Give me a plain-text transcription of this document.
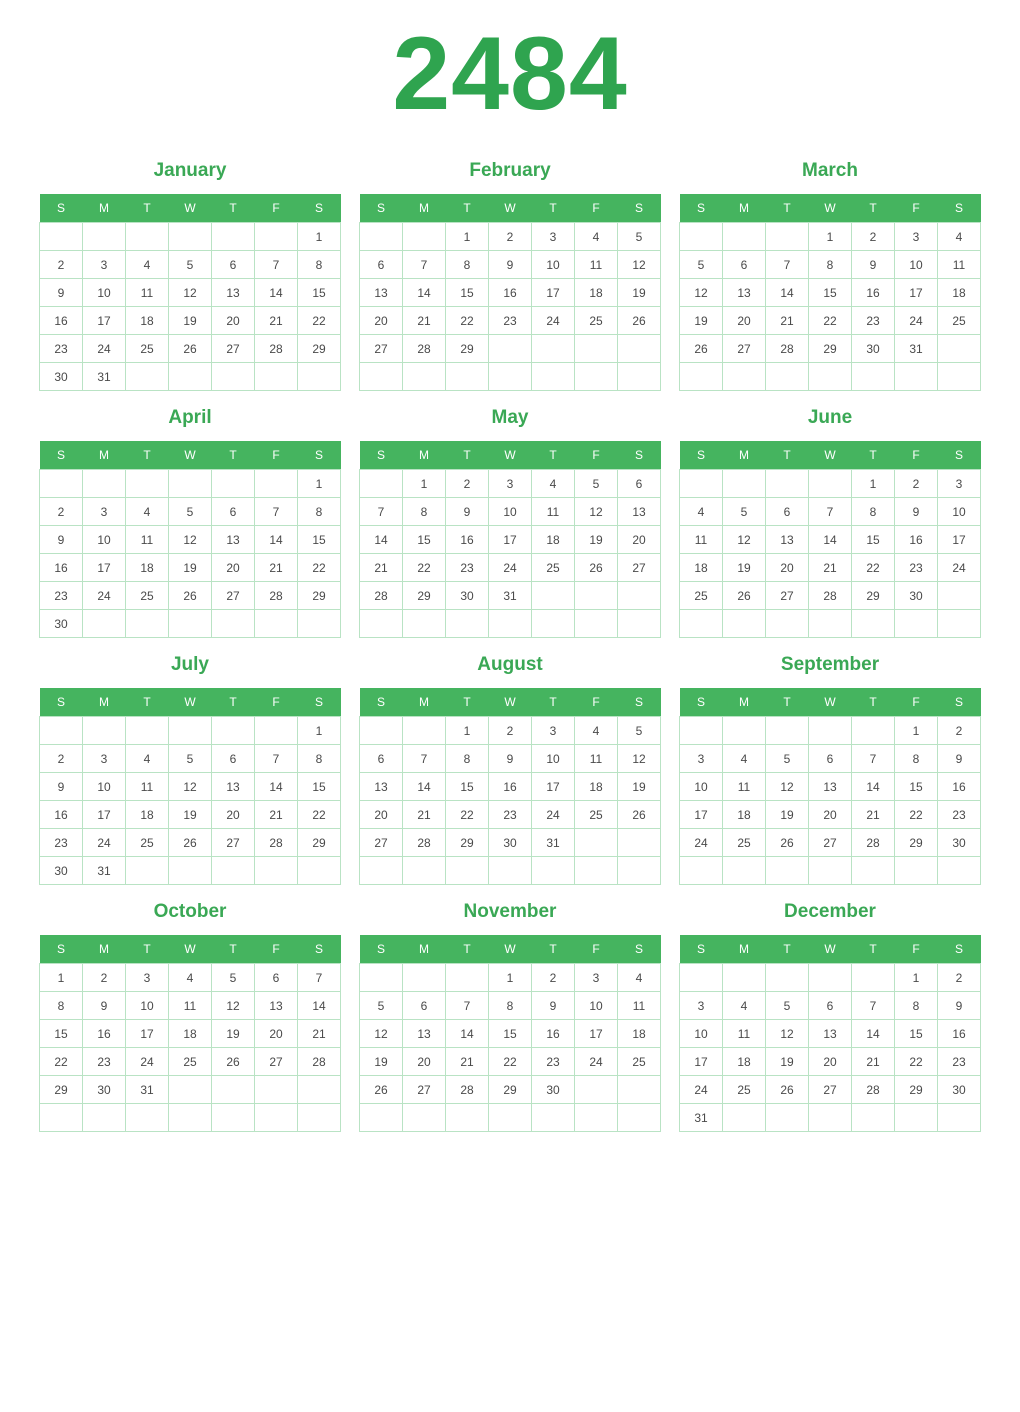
2484
January
S	M	T	W	T	F	S
						1
2	3	4	5	6	7	8
9	10	11	12	13	14	15
16	17	18	19	20	21	22
23	24	25	26	27	28	29
30	31					
February
S	M	T	W	T	F	S
		1	2	3	4	5
6	7	8	9	10	11	12
13	14	15	16	17	18	19
20	21	22	23	24	25	26
27	28	29				

March
S	M	T	W	T	F	S
			1	2	3	4
5	6	7	8	9	10	11
12	13	14	15	16	17	18
19	20	21	22	23	24	25
26	27	28	29	30	31	

April
S	M	T	W	T	F	S
						1
2	3	4	5	6	7	8
9	10	11	12	13	14	15
16	17	18	19	20	21	22
23	24	25	26	27	28	29
30						
May
S	M	T	W	T	F	S
	1	2	3	4	5	6
7	8	9	10	11	12	13
14	15	16	17	18	19	20
21	22	23	24	25	26	27
28	29	30	31			

June
S	M	T	W	T	F	S
				1	2	3
4	5	6	7	8	9	10
11	12	13	14	15	16	17
18	19	20	21	22	23	24
25	26	27	28	29	30	

July
S	M	T	W	T	F	S
						1
2	3	4	5	6	7	8
9	10	11	12	13	14	15
16	17	18	19	20	21	22
23	24	25	26	27	28	29
30	31					
August
S	M	T	W	T	F	S
		1	2	3	4	5
6	7	8	9	10	11	12
13	14	15	16	17	18	19
20	21	22	23	24	25	26
27	28	29	30	31		

September
S	M	T	W	T	F	S
					1	2
3	4	5	6	7	8	9
10	11	12	13	14	15	16
17	18	19	20	21	22	23
24	25	26	27	28	29	30

October
S	M	T	W	T	F	S
1	2	3	4	5	6	7
8	9	10	11	12	13	14
15	16	17	18	19	20	21
22	23	24	25	26	27	28
29	30	31				

November
S	M	T	W	T	F	S
			1	2	3	4
5	6	7	8	9	10	11
12	13	14	15	16	17	18
19	20	21	22	23	24	25
26	27	28	29	30		

December
S	M	T	W	T	F	S
					1	2
3	4	5	6	7	8	9
10	11	12	13	14	15	16
17	18	19	20	21	22	23
24	25	26	27	28	29	30
31						
